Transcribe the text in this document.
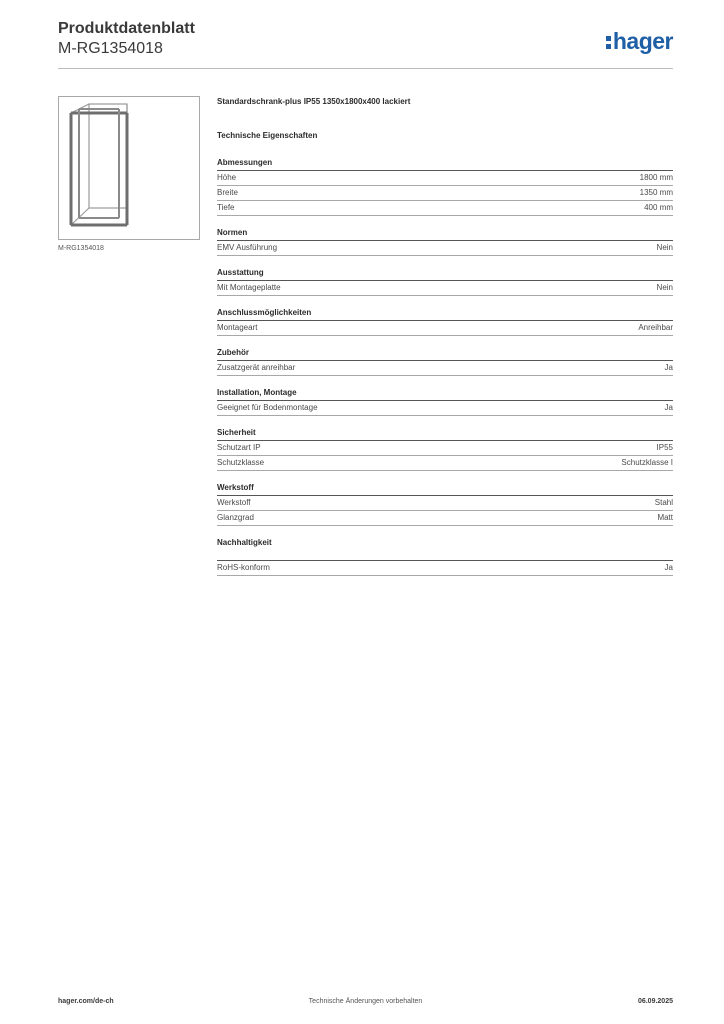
Produktdatenblatt
M-RG1354018	hager
M-RG1354018
Standardschrank-plus IP55 1350x1800x400 lackiert
Technische Eigenschaften
Abmessungen
Höhe	1800 mm
Breite	1350 mm
Tiefe	400 mm
Normen
EMV Ausführung	Nein
Ausstattung
Mit Montageplatte	Nein
Anschlussmöglichkeiten
Montageart	Anreihbar
Zubehör
Zusatzgerät anreihbar	Ja
Installation, Montage
Geeignet für Bodenmontage	Ja
Sicherheit
Schutzart IP	IP55
Schutzklasse	Schutzklasse I
Werkstoff
Werkstoff	Stahl
Glanzgrad	Matt
Nachhaltigkeit
RoHS-konform	Ja
hager.com/de-ch	Technische Änderungen vorbehalten	06.09.2025
